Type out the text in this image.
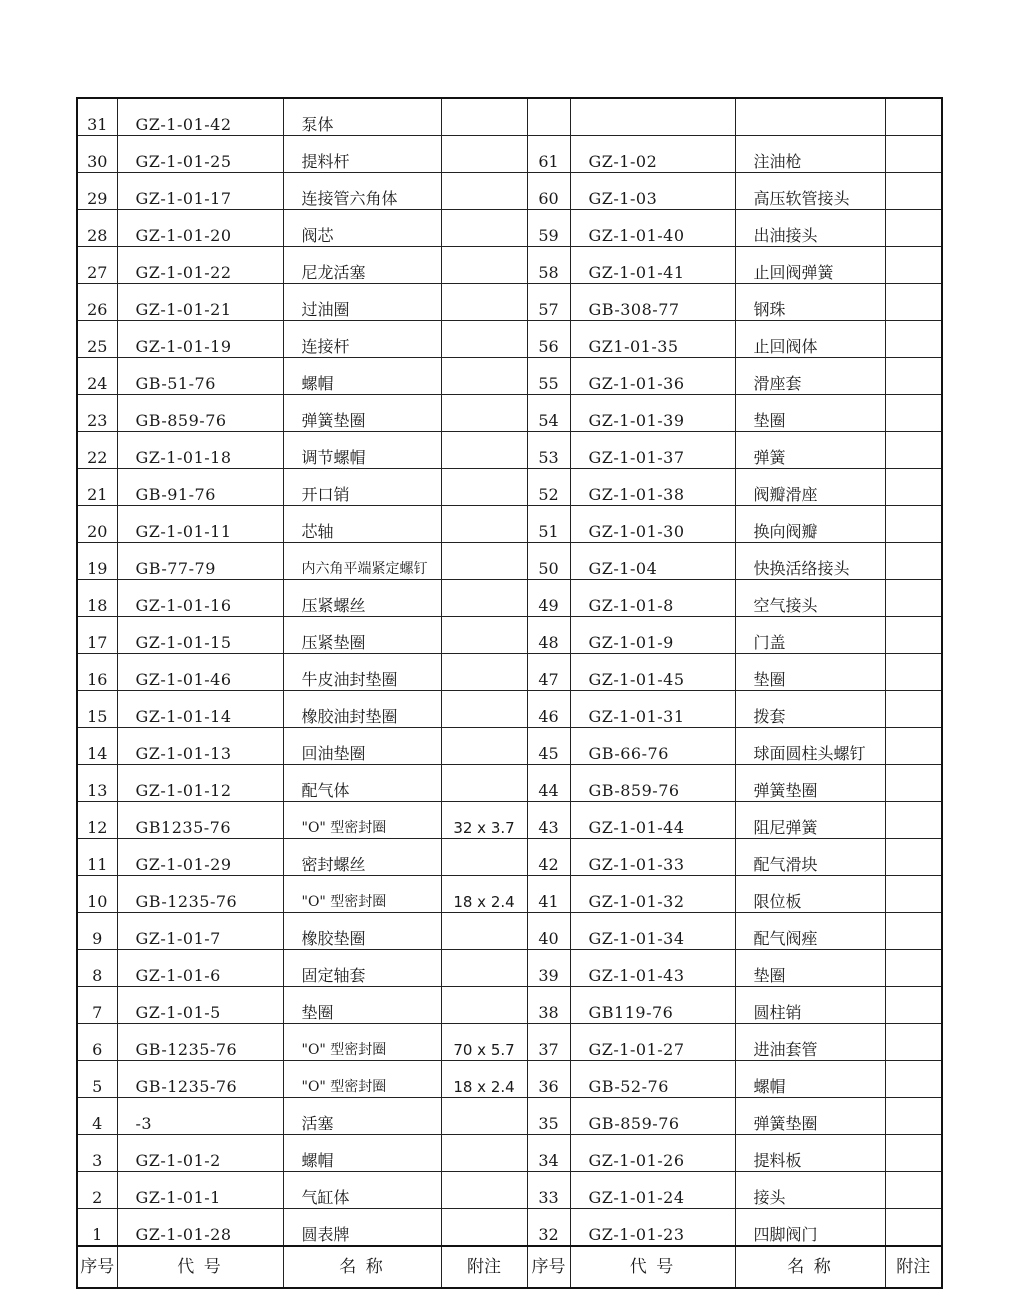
31	GZ-1-01-42	泵体					
30	GZ-1-01-25	提料杆		61	GZ-1-02	注油枪	
29	GZ-1-01-17	连接管六角体		60	GZ-1-03	高压软管接头	
28	GZ-1-01-20	阀芯		59	GZ-1-01-40	出油接头	
27	GZ-1-01-22	尼龙活塞		58	GZ-1-01-41	止回阀弹簧	
26	GZ-1-01-21	过油圈		57	GB-308-77	钢珠	
25	GZ-1-01-19	连接杆		56	GZ1-01-35	止回阀体	
24	GB-51-76	螺帽		55	GZ-1-01-36	滑座套	
23	GB-859-76	弹簧垫圈		54	GZ-1-01-39	垫圈	
22	GZ-1-01-18	调节螺帽		53	GZ-1-01-37	弹簧	
21	GB-91-76	开口销		52	GZ-1-01-38	阀瓣滑座	
20	GZ-1-01-11	芯轴		51	GZ-1-01-30	换向阀瓣	
19	GB-77-79	内六角平端紧定螺钉		50	GZ-1-04	快换活络接头	
18	GZ-1-01-16	压紧螺丝		49	GZ-1-01-8	空气接头	
17	GZ-1-01-15	压紧垫圈		48	GZ-1-01-9	门盖	
16	GZ-1-01-46	牛皮油封垫圈		47	GZ-1-01-45	垫圈	
15	GZ-1-01-14	橡胶油封垫圈		46	GZ-1-01-31	拨套	
14	GZ-1-01-13	回油垫圈		45	GB-66-76	球面圆柱头螺钉	
13	GZ-1-01-12	配气体		44	GB-859-76	弹簧垫圈	
12	GB1235-76	"O" 型密封圈	32 x 3.7	43	GZ-1-01-44	阻尼弹簧	
11	GZ-1-01-29	密封螺丝		42	GZ-1-01-33	配气滑块	
10	GB-1235-76	"O" 型密封圈	18 x 2.4	41	GZ-1-01-32	限位板	
9	GZ-1-01-7	橡胶垫圈		40	GZ-1-01-34	配气阀痤	
8	GZ-1-01-6	固定轴套		39	GZ-1-01-43	垫圈	
7	GZ-1-01-5	垫圈		38	GB119-76	圆柱销	
6	GB-1235-76	"O" 型密封圈	70 x 5.7	37	GZ-1-01-27	进油套管	
5	GB-1235-76	"O" 型密封圈	18 x 2.4	36	GB-52-76	螺帽	
4	-3	活塞		35	GB-859-76	弹簧垫圈	
3	GZ-1-01-2	螺帽		34	GZ-1-01-26	提料板	
2	GZ-1-01-1	气缸体		33	GZ-1-01-24	接头	
1	GZ-1-01-28	圆表牌		32	GZ-1-01-23	四脚阀门	
序号	代 号	名 称	附注	序号	代 号	名 称	附注
